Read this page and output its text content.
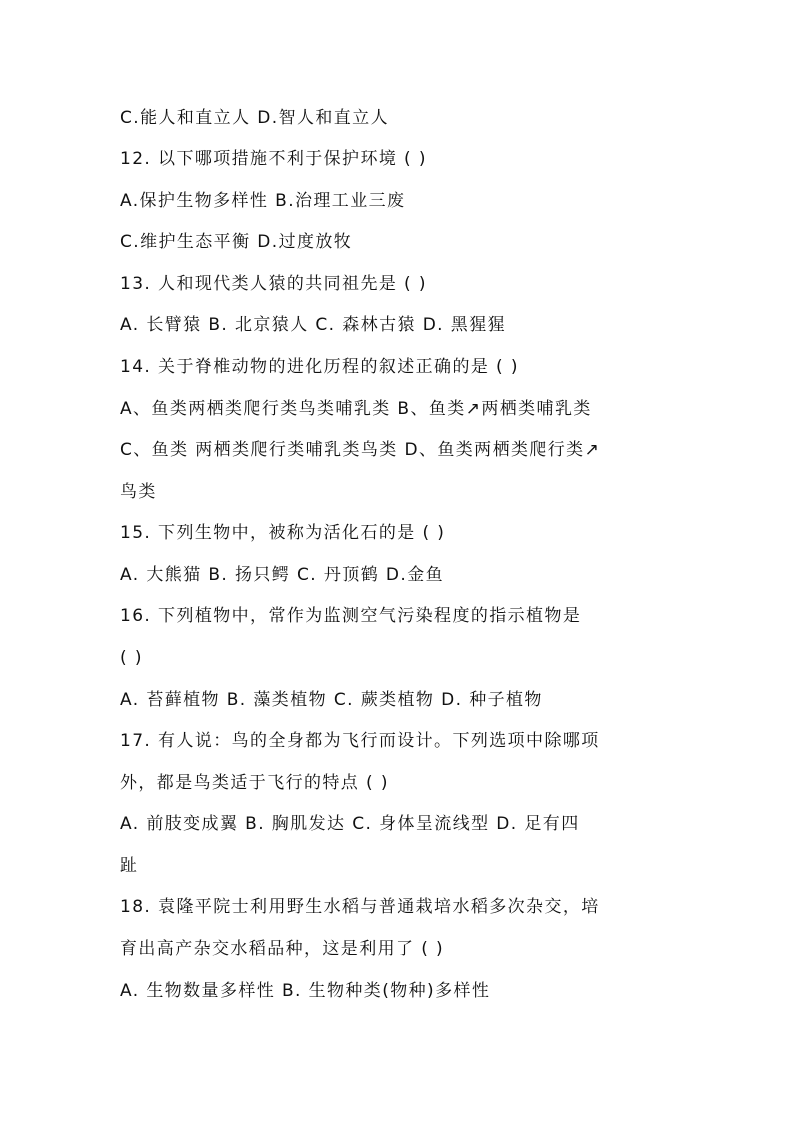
C.能人和直立人 D.智人和直立人
12. 以下哪项措施不利于保护环境 ( )
A.保护生物多样性 B.治理工业三废
C.维护生态平衡 D.过度放牧
13. 人和现代类人猿的共同祖先是 ( )
A. 长臂猿 B. 北京猿人 C. 森林古猿 D. 黑猩猩
14. 关于脊椎动物的进化历程的叙述正确的是 ( )
A、鱼类两栖类爬行类鸟类哺乳类 B、鱼类↗两栖类哺乳类
C、鱼类 两栖类爬行类哺乳类鸟类 D、鱼类两栖类爬行类↗
鸟类
15. 下列生物中，被称为活化石的是 ( )
A. 大熊猫 B. 扬只鳄 C. 丹顶鹤 D.金鱼
16. 下列植物中，常作为监测空气污染程度的指示植物是
( )
A. 苔藓植物 B. 藻类植物 C. 蕨类植物 D. 种子植物
17. 有人说：鸟的全身都为飞行而设计。下列选项中除哪项
外，都是鸟类适于飞行的特点 ( )
A. 前肢变成翼 B. 胸肌发达 C. 身体呈流线型 D. 足有四
趾
18. 袁隆平院士利用野生水稻与普通栽培水稻多次杂交，培
育出高产杂交水稻品种，这是利用了 ( )
A. 生物数量多样性 B. 生物种类(物种)多样性
